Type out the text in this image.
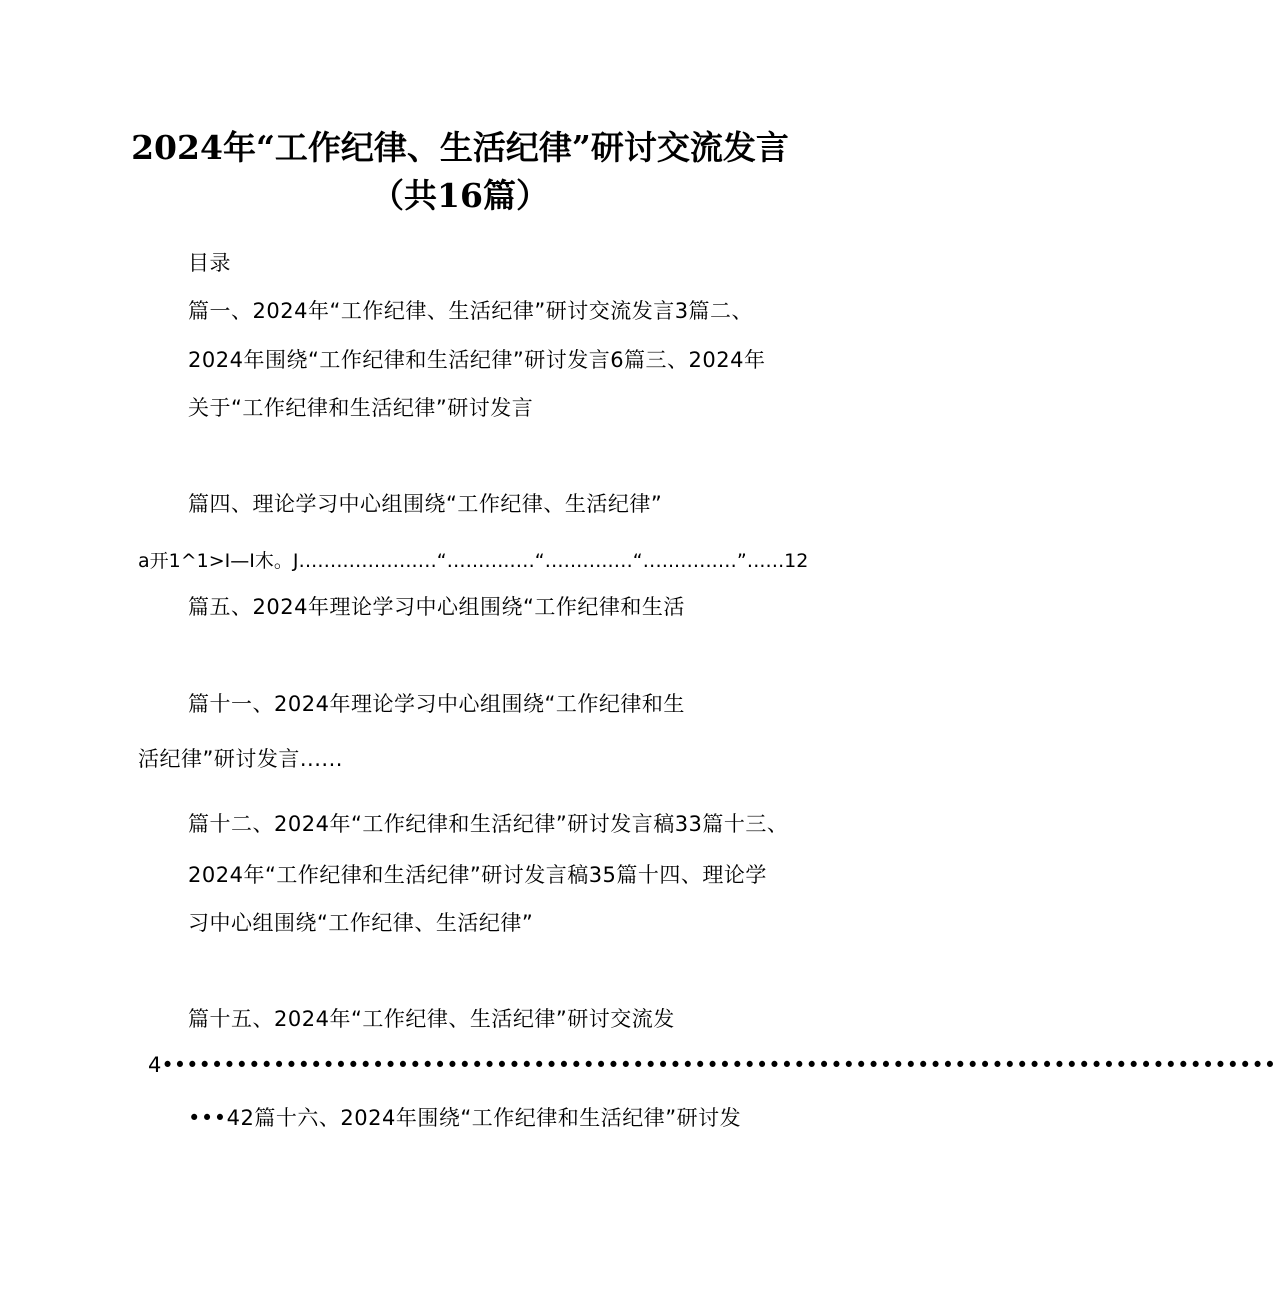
2024年“工作纪律、生活纪律”研讨交流发言
（共16篇）
目录
篇一、2024年“工作纪律、生活纪律”研讨交流发言3篇二、
2024年围绕“工作纪律和生活纪律”研讨发言6篇三、2024年
关于“工作纪律和生活纪律”研讨发言
篇四、理论学习中心组围绕“工作纪律、生活纪律”
a开1^1>I—I木。J‥.‥‥.‥‥.‥‥.‥‥“‥‥.‥‥.‥‥“‥‥.‥‥.‥‥“‥‥..‥‥.‥‥”‥.‥.12
篇五、2024年理论学习中心组围绕“工作纪律和生活
篇十一、2024年理论学习中心组围绕“工作纪律和生
活纪律”研讨发言......
篇十二、2024年“工作纪律和生活纪律”研讨发言稿33篇十三、
2024年“工作纪律和生活纪律”研讨发言稿35篇十四、理论学
习中心组围绕“工作纪律、生活纪律”
篇十五、2024年“工作纪律、生活纪律”研讨交流发
4••••••••••••••••••••••••••••••••••••••••••••••••••••••••••••••••••••••••••••••••••••••••••
•••42篇十六、2024年围绕“工作纪律和生活纪律”研讨发
